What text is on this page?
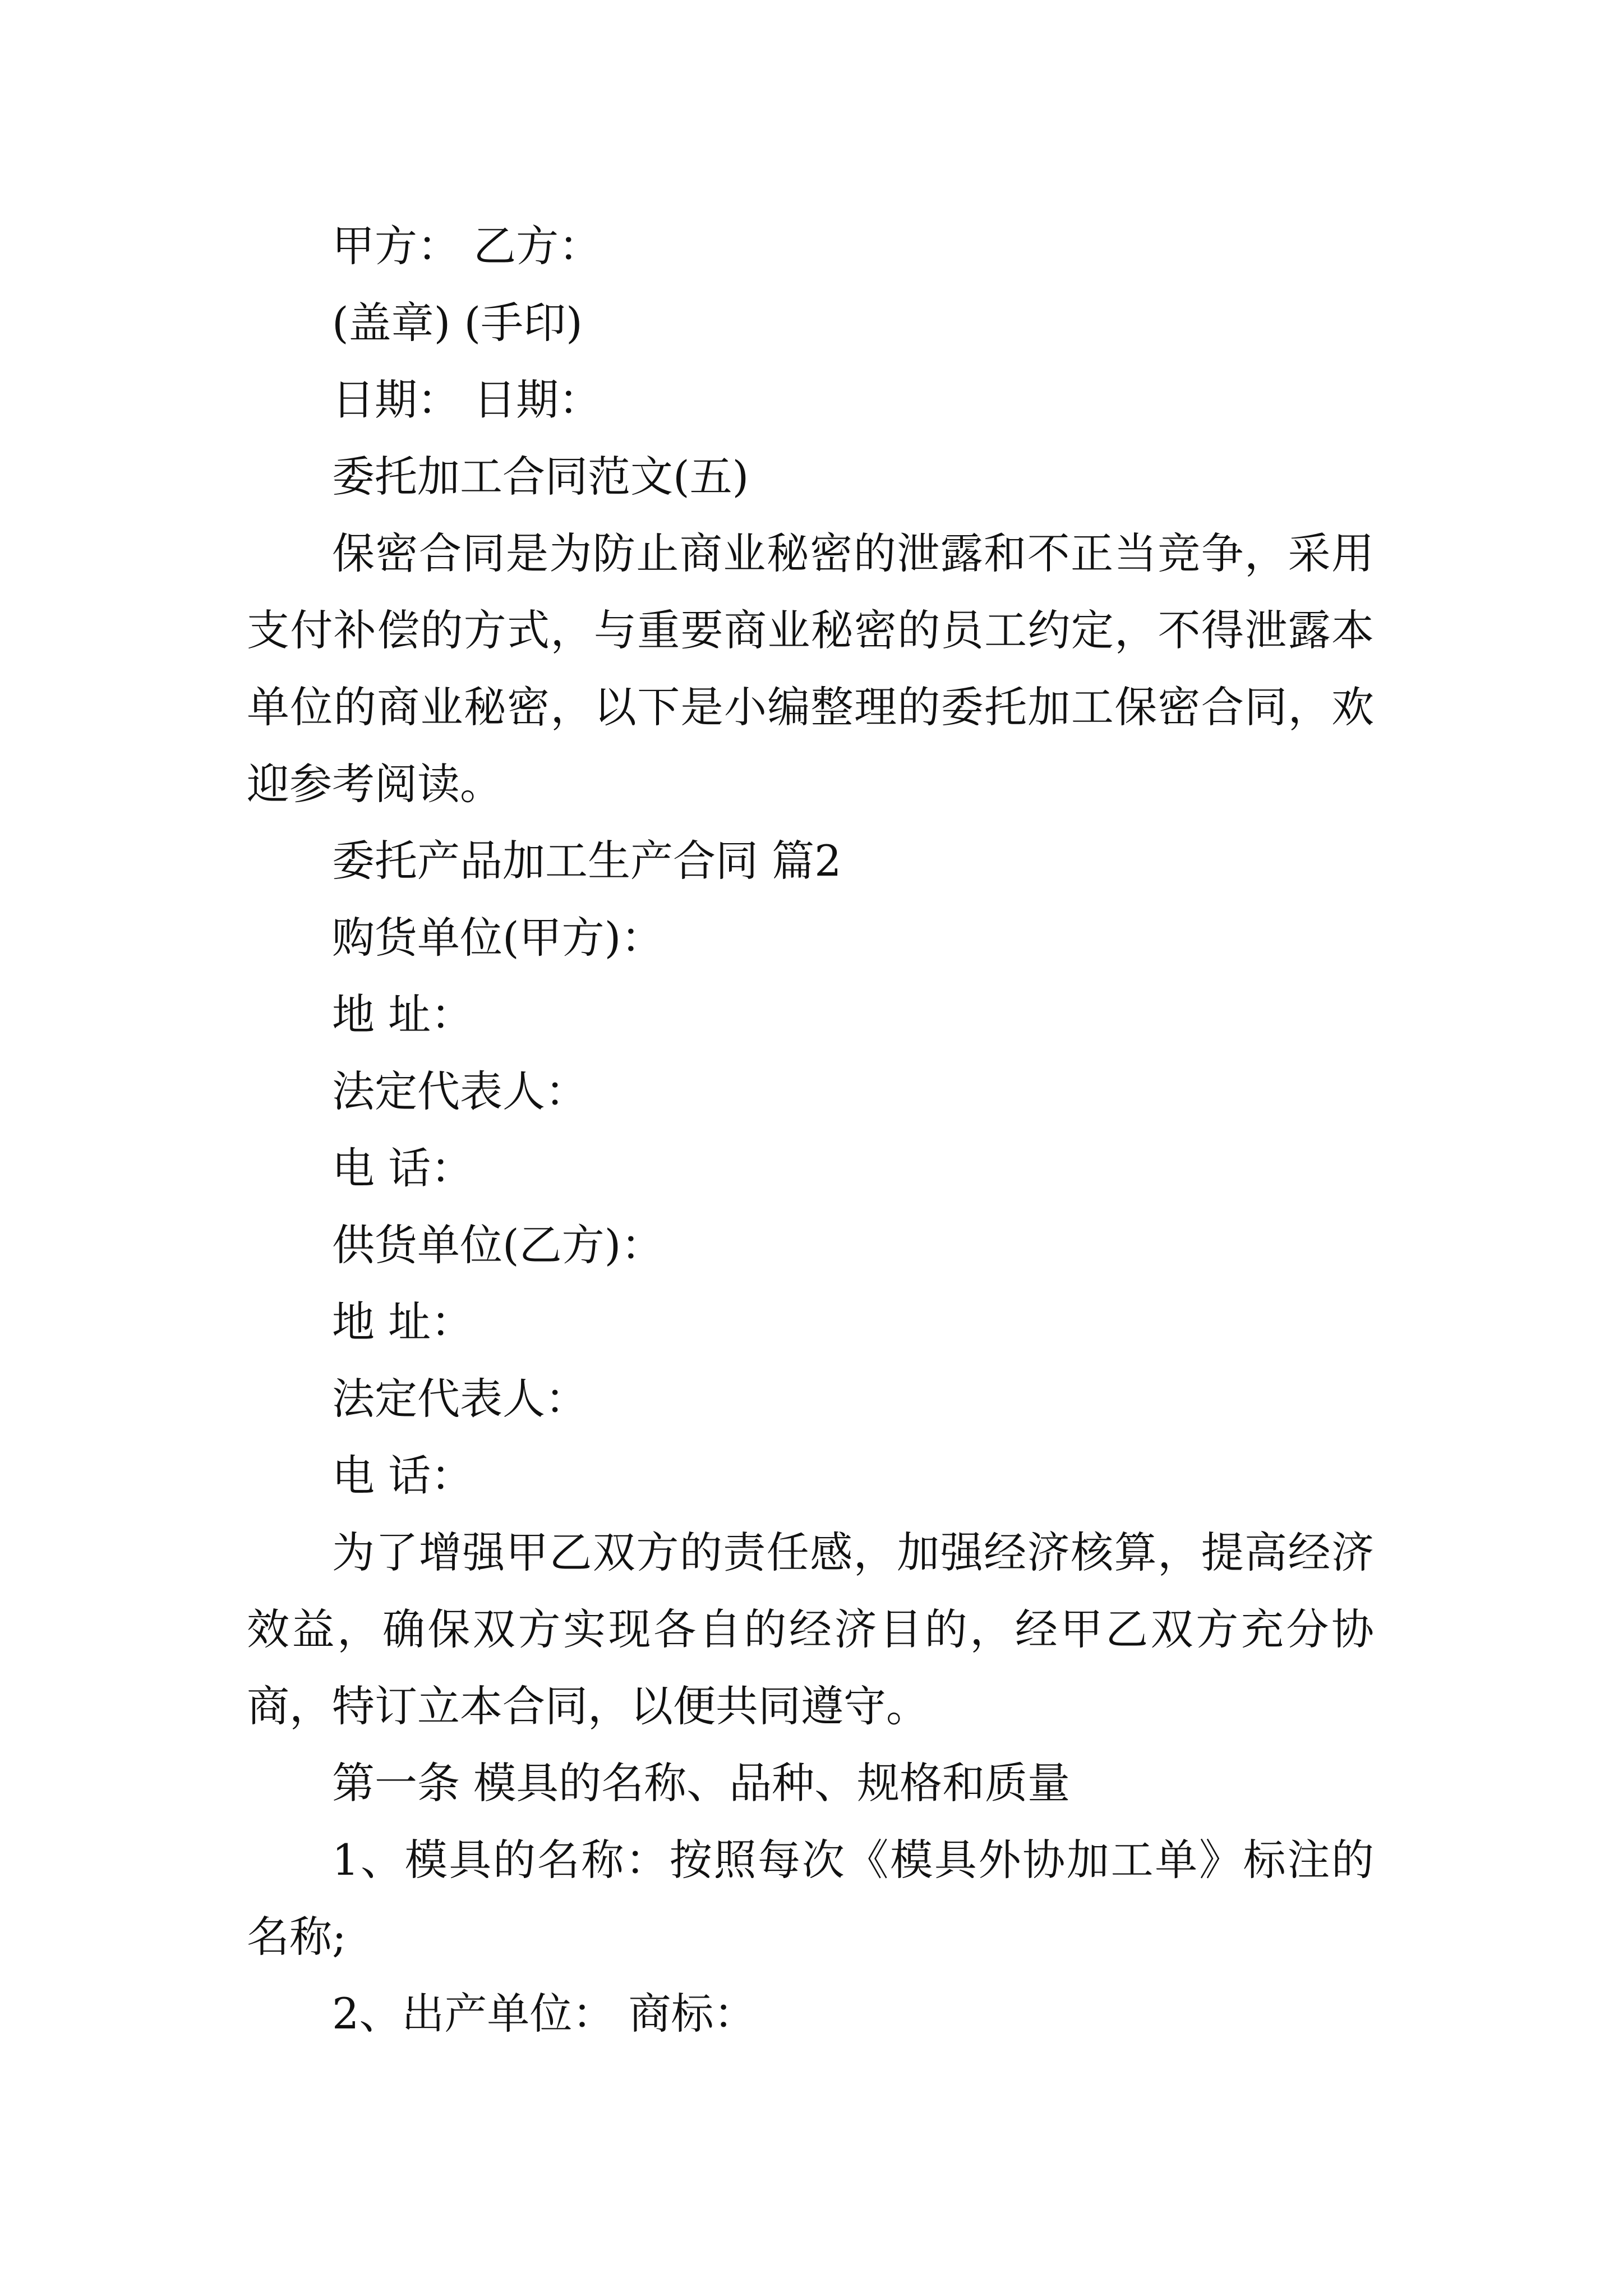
甲方： 乙方：
(盖章) (手印)
日期： 日期：
委托加工合同范文(五)

保密合同是为防止商业秘密的泄露和不正当竞争，采用支付补偿的方式，与重要商业秘密的员工约定，不得泄露本单位的商业秘密，以下是小编整理的委托加工保密合同，欢迎参考阅读。

委托产品加工生产合同 篇2
购货单位(甲方)：
地 址：
法定代表人：
电 话：
供货单位(乙方)：
地 址：
法定代表人：
电 话：

为了增强甲乙双方的责任感，加强经济核算，提高经济效益，确保双方实现各自的经济目的，经甲乙双方充分协商，特订立本合同，以便共同遵守。

第一条 模具的名称、品种、规格和质量

1、模具的名称：按照每次《模具外协加工单》标注的名称;

2、出产单位： 商标：
